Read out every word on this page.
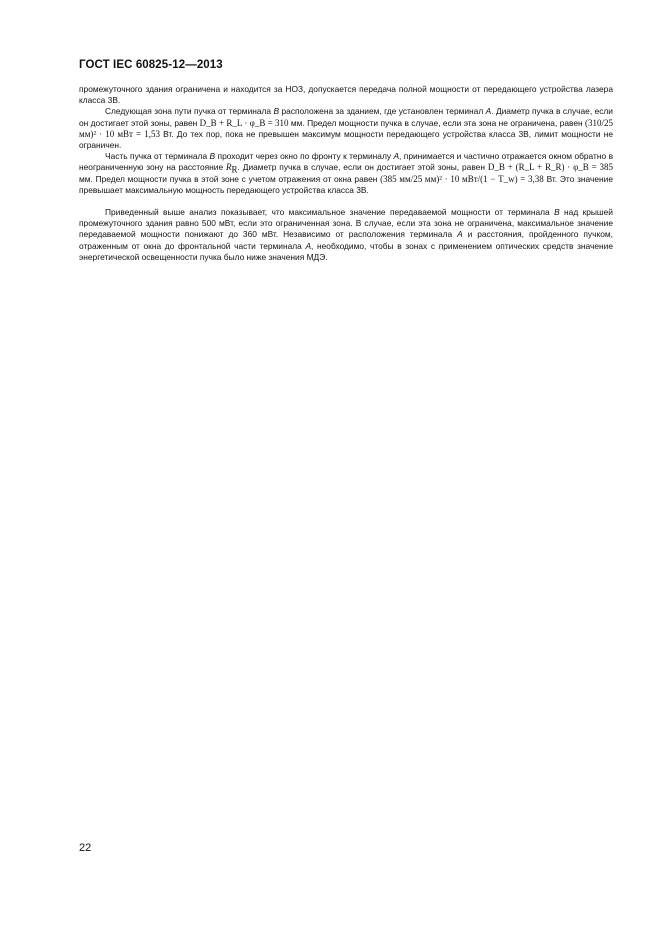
ГОСТ IEC 60825-12—2013

промежуточного здания ограничена и находится за НОЗ, допускается передача полной мощности от передающего устройства лазера класса 3В.

Следующая зона пути пучка от терминала B расположена за зданием, где установлен терминал A. Диаметр пучка в случае, если он достигает этой зоны, равен D_B + R_L · φ_B = 310 мм. Предел мощности пучка в случае, если эта зона не ограничена, равен (310/25 мм)² · 10 мВт = 1,53 Вт. До тех пор, пока не превышен максимум мощности передающего устройства класса 3В, лимит мощности не ограничен.

Часть пучка от терминала B проходит через окно по фронту к терминалу A, принимается и частично отражается окном обратно в неограниченную зону на расстояние $R_R$. Диаметр пучка в случае, если он достигает этой зоны, равен D_B + (R_L + R_R) · φ_B = 385 мм. Предел мощности пучка в этой зоне с учетом отражения от окна равен (385 мм/25 мм)² · 10 мВт/(1 − T_w) = 3,38 Вт. Это значение превышает максимальную мощность передающего устройства класса 3В.

Приведенный выше анализ показывает, что максимальное значение передаваемой мощности от терминала B над крышей промежуточного здания равно 500 мВт, если это ограниченная зона. В случае, если эта зона не ограничена, максимальное значение передаваемой мощности понижают до 360 мВт. Независимо от расположения терминала A и расстояния, пройденного пучком, отраженным от окна до фронтальной части терминала A, необходимо, чтобы в зонах с применением оптических средств значение энергетической освещенности пучка было ниже значения МДЭ.

22
